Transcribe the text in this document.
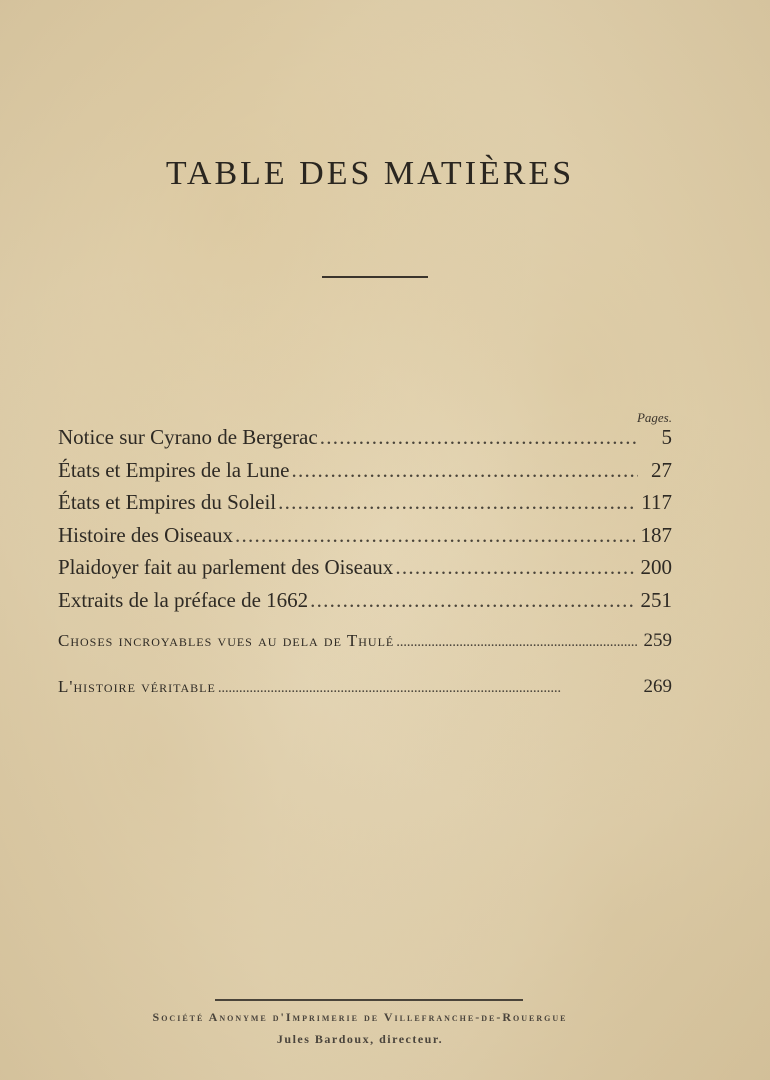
TABLE DES MATIÈRES
Pages.
Notice sur Cyrano de Bergerac . . .	5
États et Empires de la Lune . . .	27
États et Empires du Soleil . . .	117
Histoire des Oiseaux . . .	187
Plaidoyer fait au parlement des Oiseaux . . .	200
Extraits de la préface de 1662 . . .	251
Choses incroyables vues au dela de Thulé . . .	259
L'histoire véritable . . .	269
Société Anonyme d'Imprimerie de Villefranche-de-Rouergue
Jules Bardoux, directeur.
